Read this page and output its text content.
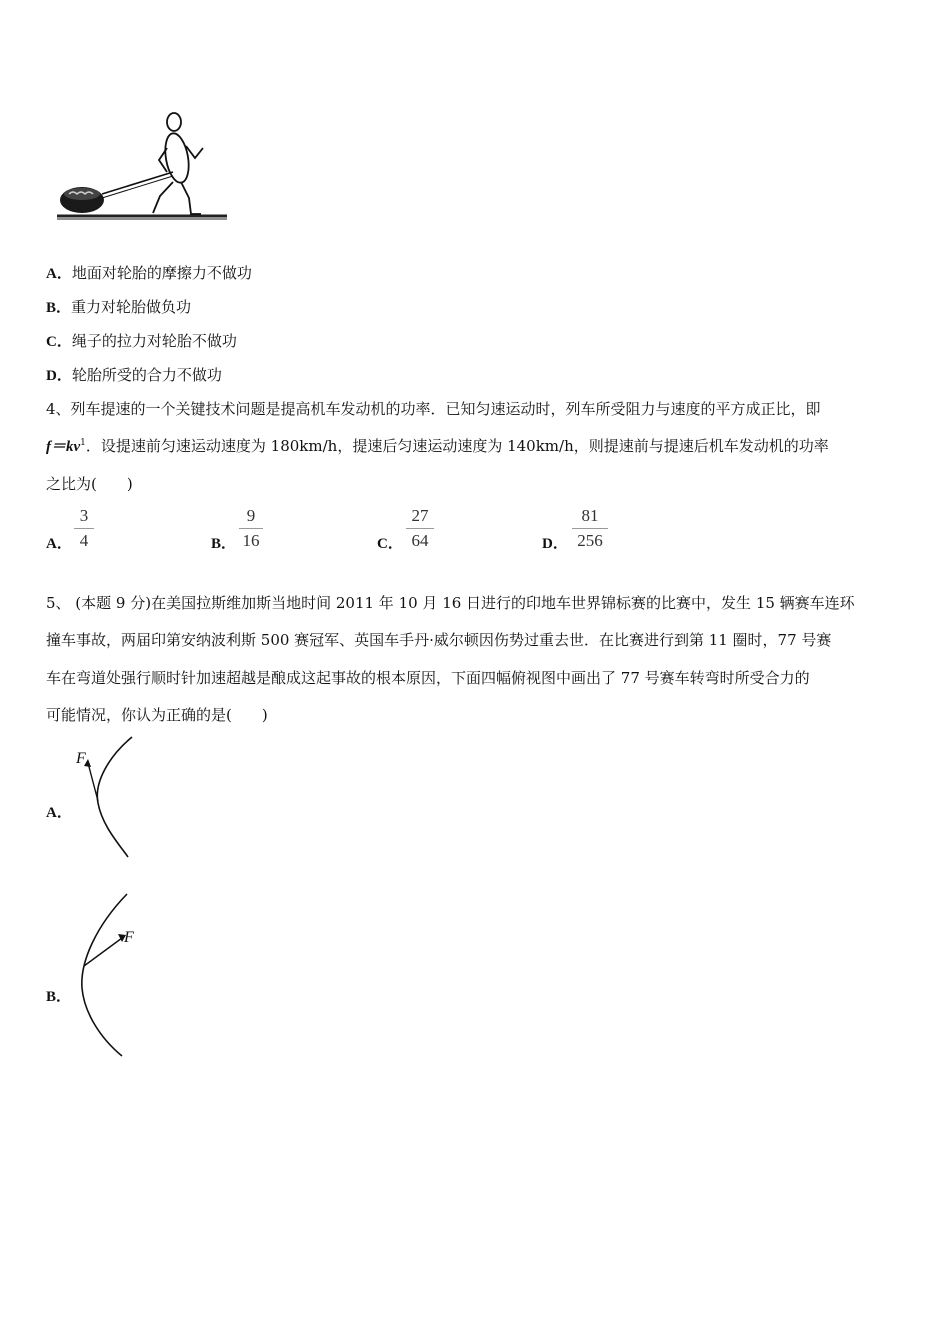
A．地面对轮胎的摩擦力不做功
B．重力对轮胎做负功
C．绳子的拉力对轮胎不做功
D．轮胎所受的合力不做功
4、列车提速的一个关键技术问题是提高机车发动机的功率．已知匀速运动时，列车所受阻力与速度的平方成正比，即
$f=kv^1$．设提速前匀速运动速度为 180km/h，提速后匀速运动速度为 140km/h，则提速前与提速后机车发动机的功率
之比为(　　)
A．
3
4	B．
9
16	C．
27
64	D．
81
256
5、 (本题 9 分)在美国拉斯维加斯当地时间 2011 年 10 月 16 日进行的印地车世界锦标赛的比赛中，发生 15 辆赛车连环
撞车事故，两届印第安纳波利斯 500 赛冠军、英国车手丹·威尔顿因伤势过重去世．在比赛进行到第 11 圈时，77 号赛
车在弯道处强行顺时针加速超越是酿成这起事故的根本原因，下面四幅俯视图中画出了 77 号赛车转弯时所受合力的
可能情况，你认为正确的是(　　)
A．
F
B．
F
